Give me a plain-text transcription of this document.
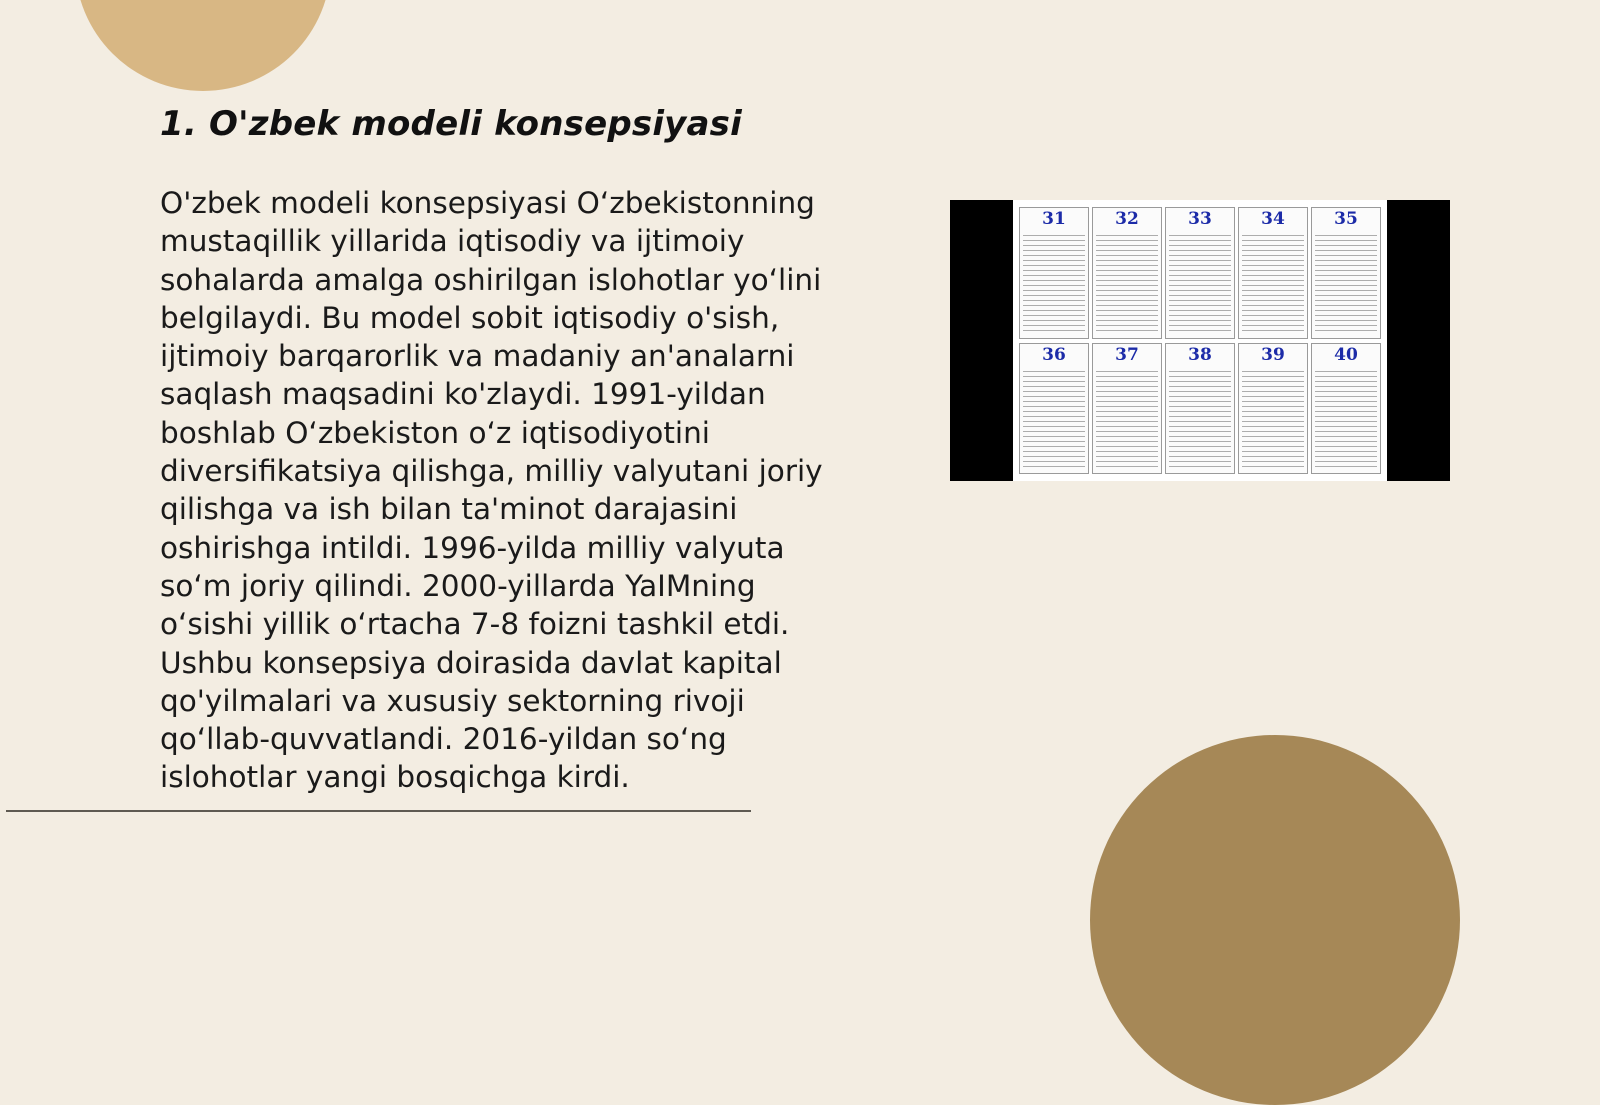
1. O'zbek modeli konsepsiyasi

O'zbek modeli konsepsiyasi O‘zbekistonning mustaqillik yillarida iqtisodiy va ijtimoiy sohalarda amalga oshirilgan islohotlar yo‘lini belgilaydi. Bu model sobit iqtisodiy o'sish, ijtimoiy barqarorlik va madaniy an'analarni saqlash maqsadini ko'zlaydi. 1991-yildan boshlab O‘zbekiston o‘z iqtisodiyotini diversifikatsiya qilishga, milliy valyutani joriy qilishga va ish bilan ta'minot darajasini oshirishga intildi. 1996-yilda milliy valyuta so‘m joriy qilindi. 2000-yillarda YaIMning o‘sishi yillik o‘rtacha 7-8 foizni tashkil etdi. Ushbu konsepsiya doirasida davlat kapital qo'yilmalari va xususiy sektorning rivoji qo‘llab-quvvatlandi. 2016-yildan so‘ng islohotlar yangi bosqichga kirdi.

31	32	33	34	35
36	37	38	39	40
